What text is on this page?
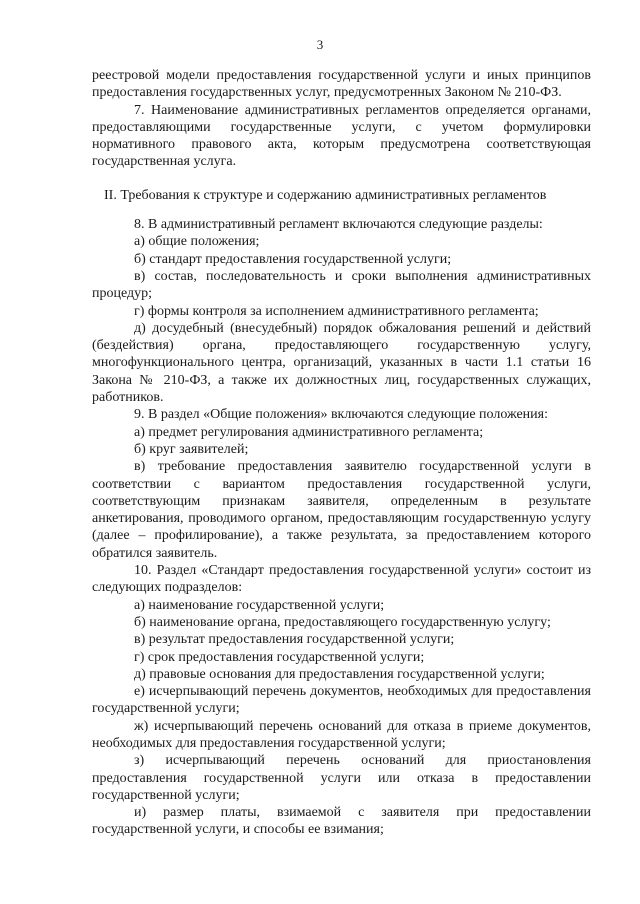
3

реестровой модели предоставления государственной услуги и иных принципов предоставления государственных услуг, предусмотренных Законом № 210-ФЗ.

7. Наименование административных регламентов определяется органами, предоставляющими государственные услуги, с учетом формулировки нормативного правового акта, которым предусмотрена соответствующая государственная услуга.

II. Требования к структуре и содержанию административных регламентов

8. В административный регламент включаются следующие разделы:

а) общие положения;

б) стандарт предоставления государственной услуги;

в) состав, последовательность и сроки выполнения административных процедур;

г) формы контроля за исполнением административного регламента;

д) досудебный (внесудебный) порядок обжалования решений и действий (бездействия) органа, предоставляющего государственную услугу, многофункционального центра, организаций, указанных в части 1.1 статьи 16 Закона № 210-ФЗ, а также их должностных лиц, государственных служащих, работников.

9. В раздел «Общие положения» включаются следующие положения:

а) предмет регулирования административного регламента;

б) круг заявителей;

в) требование предоставления заявителю государственной услуги в соответствии с вариантом предоставления государственной услуги, соответствующим признакам заявителя, определенным в результате анкетирования, проводимого органом, предоставляющим государственную услугу (далее – профилирование), а также результата, за предоставлением которого обратился заявитель.

10. Раздел «Стандарт предоставления государственной услуги» состоит из следующих подразделов:

а) наименование государственной услуги;

б) наименование органа, предоставляющего государственную услугу;

в) результат предоставления государственной услуги;

г) срок предоставления государственной услуги;

д) правовые основания для предоставления государственной услуги;

е) исчерпывающий перечень документов, необходимых для предоставления государственной услуги;

ж) исчерпывающий перечень оснований для отказа в приеме документов, необходимых для предоставления государственной услуги;

з) исчерпывающий перечень оснований для приостановления предоставления государственной услуги или отказа в предоставлении государственной услуги;

и) размер платы, взимаемой с заявителя при предоставлении государственной услуги, и способы ее взимания;
